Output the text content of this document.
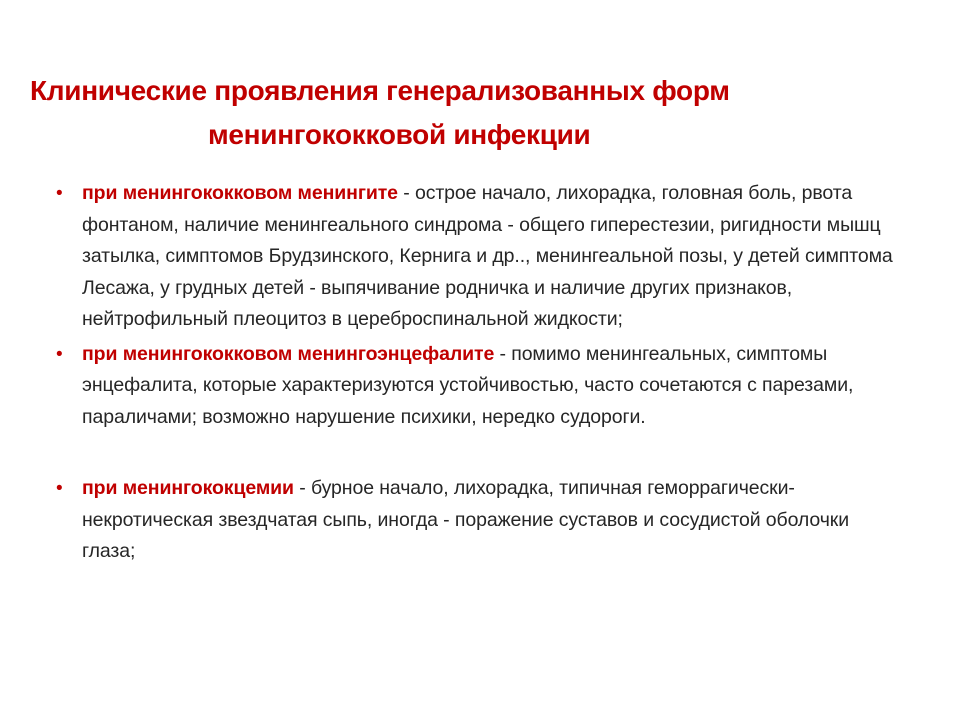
Клинические проявления генерализованных форм
менингококковой инфекции
• при менингококковом менингите - острое начало, лихорадка, головная боль, рвота фонтаном, наличие менингеального синдрома - общего гиперестезии, ригидности мышц затылка, симптомов Брудзинского, Кернига и др.., менингеальной позы, у детей симптома Лесажа, у грудных детей - выпячивание родничка и наличие других признаков, нейтрофильный плеоцитоз в цереброспинальной жидкости;
• при менингококковом менингоэнцефалите - помимо менингеальных, симптомы энцефалита, которые характеризуются устойчивостью, часто сочетаются с парезами, параличами; возможно нарушение психики, нередко судороги.
• при менингококцемии - бурное начало, лихорадка, типичная геморрагически-некротическая звездчатая сыпь, иногда - поражение суставов и сосудистой оболочки глаза;
